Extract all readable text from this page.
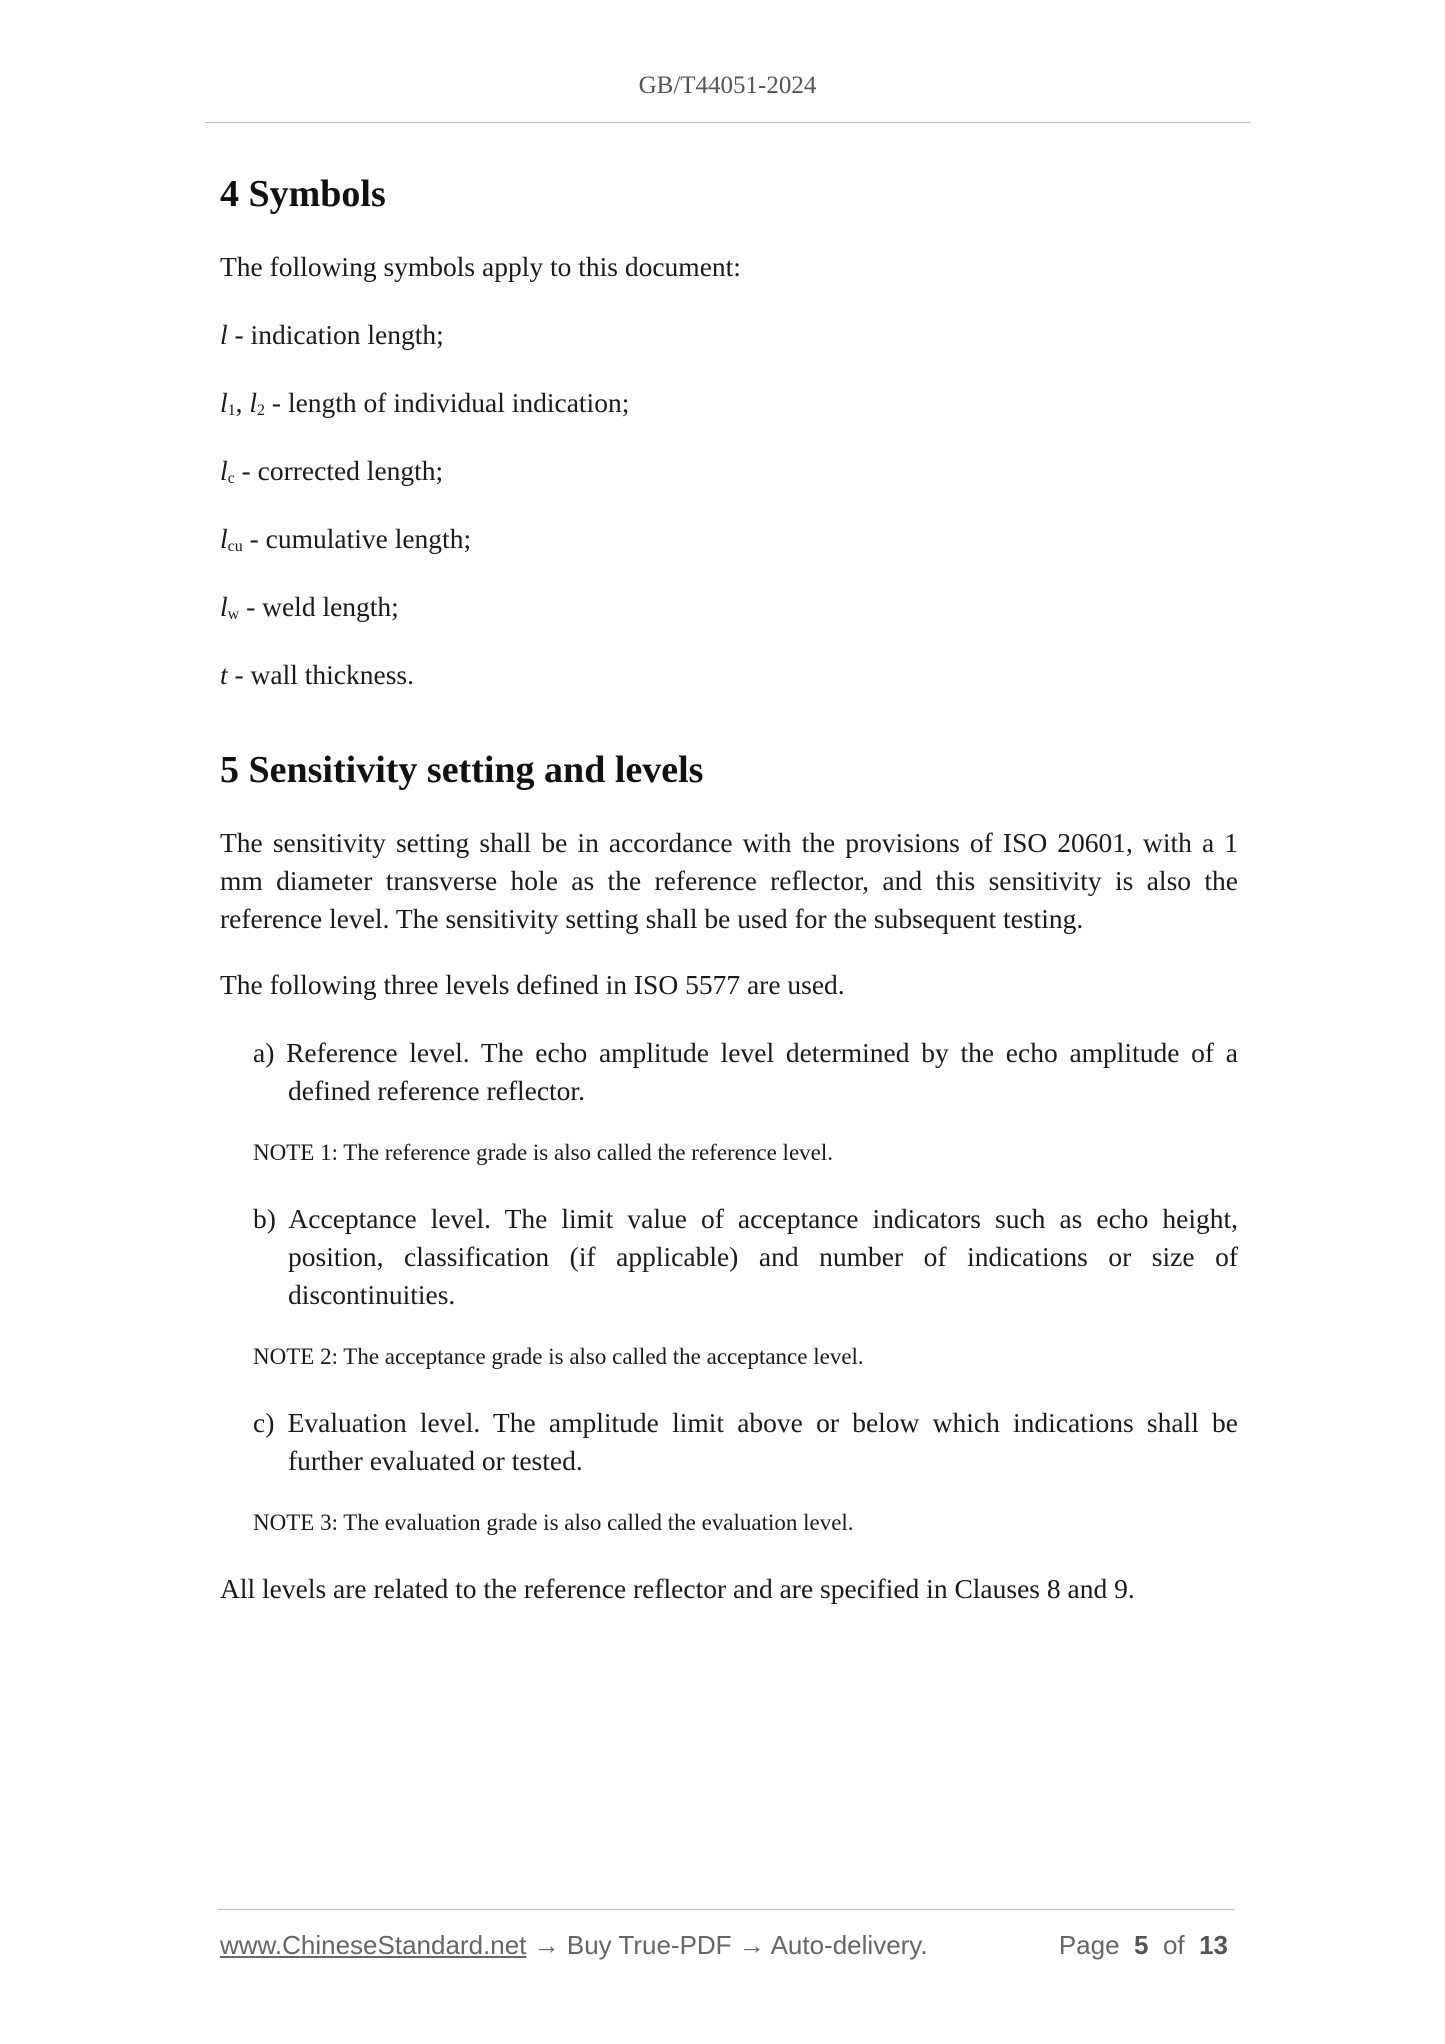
GB/T44051-2024
4 Symbols

The following symbols apply to this document:

l - indication length;

$l_1$, $l_2$ - length of individual indication;

$l_c$ - corrected length;

$l_{cu}$ - cumulative length;

$l_w$ - weld length;

t - wall thickness.

5 Sensitivity setting and levels

The sensitivity setting shall be in accordance with the provisions of ISO 20601, with a 1 mm diameter transverse hole as the reference reflector, and this sensitivity is also the reference level. The sensitivity setting shall be used for the subsequent testing.

The following three levels defined in ISO 5577 are used.

a) Reference level. The echo amplitude level determined by the echo amplitude of a defined reference reflector.

NOTE 1: The reference grade is also called the reference level.

b) Acceptance level. The limit value of acceptance indicators such as echo height, position, classification (if applicable) and number of indications or size of discontinuities.

NOTE 2: The acceptance grade is also called the acceptance level.

c) Evaluation level. The amplitude limit above or below which indications shall be further evaluated or tested.

NOTE 3: The evaluation grade is also called the evaluation level.

All levels are related to the reference reflector and are specified in Clauses 8 and 9.

www.ChineseStandard.net → Buy True-PDF → Auto-delivery.	Page 5 of 13
